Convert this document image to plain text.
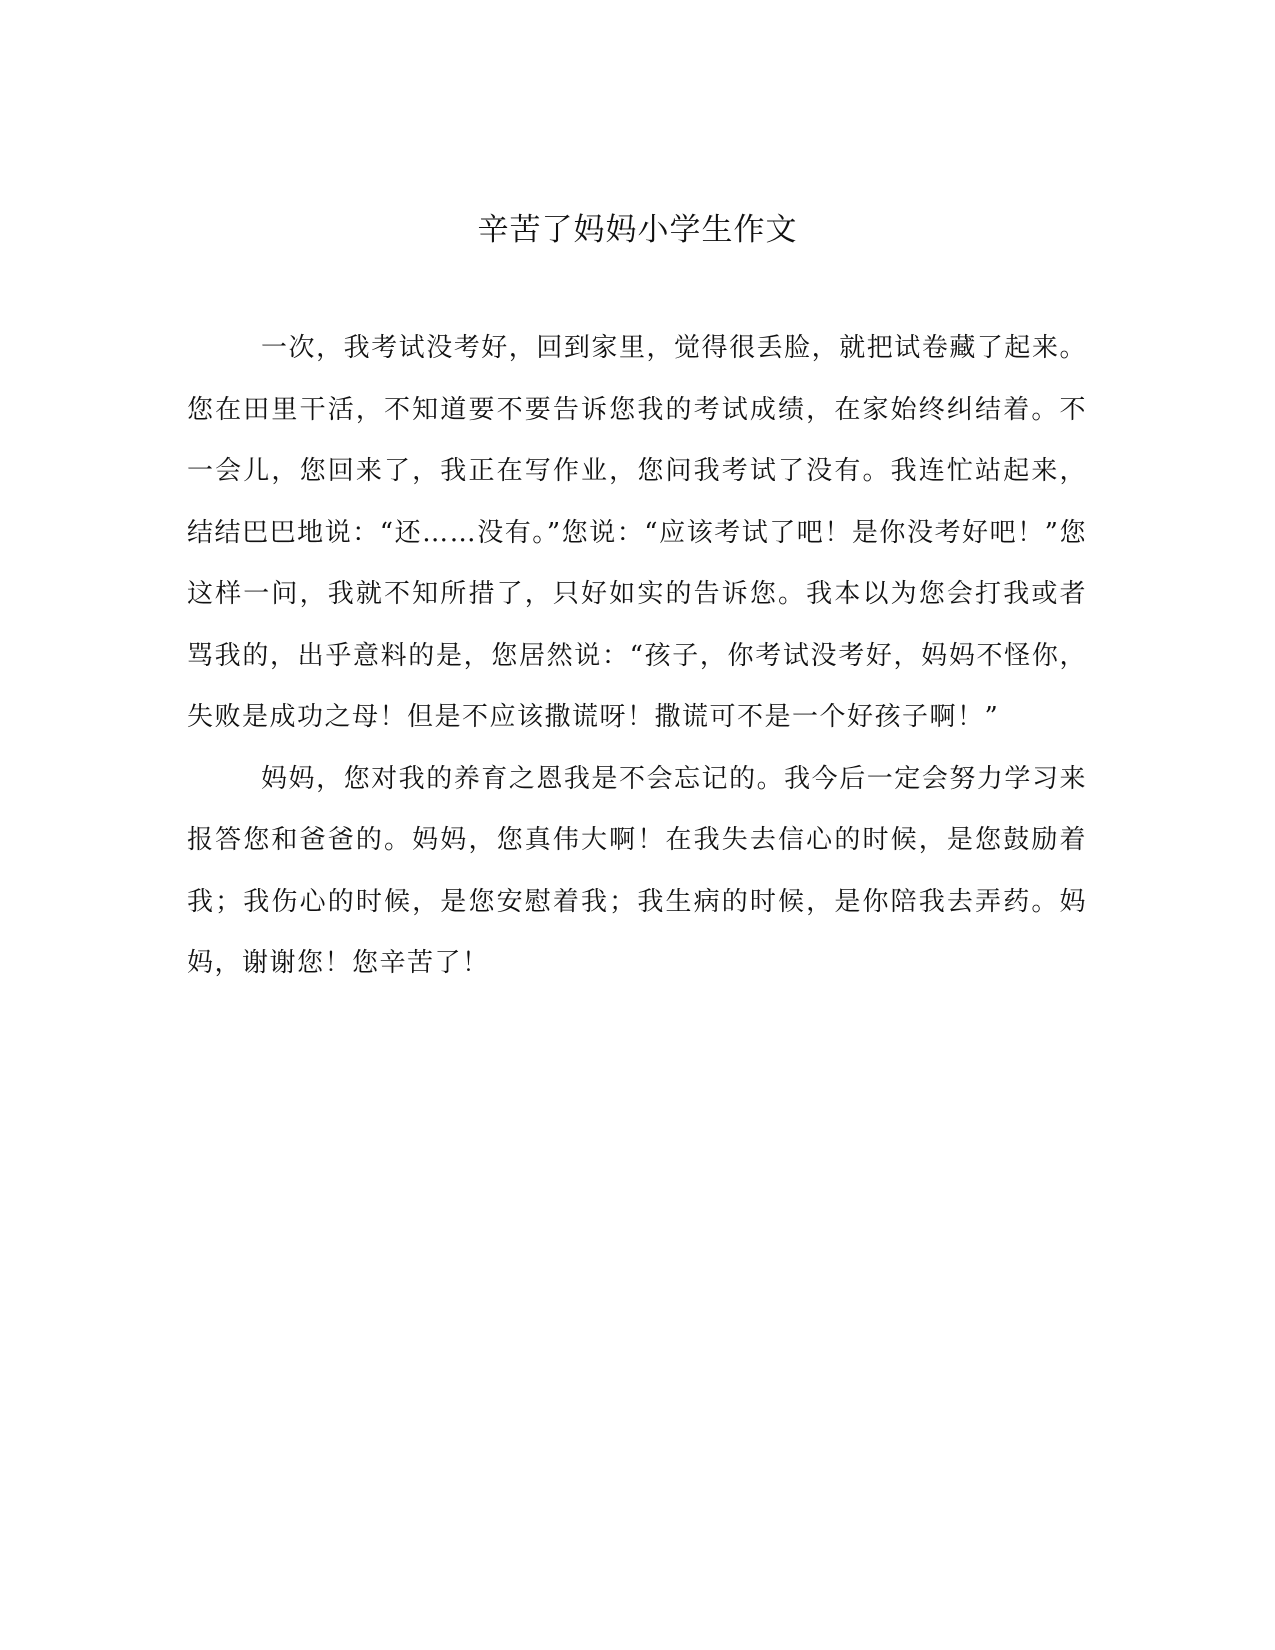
辛苦了妈妈小学生作文

一次，我考试没考好，回到家里，觉得很丢脸，就把试卷藏了起来。您在田里干活，不知道要不要告诉您我的考试成绩，在家始终纠结着。不一会儿，您回来了，我正在写作业，您问我考试了没有。我连忙站起来，结结巴巴地说：“还……没有。”您说：“应该考试了吧！是你没考好吧！”您这样一问，我就不知所措了，只好如实的告诉您。我本以为您会打我或者骂我的，出乎意料的是，您居然说：“孩子，你考试没考好，妈妈不怪你，失败是成功之母！但是不应该撒谎呀！撒谎可不是一个好孩子啊！”

妈妈，您对我的养育之恩我是不会忘记的。我今后一定会努力学习来报答您和爸爸的。妈妈，您真伟大啊！在我失去信心的时候，是您鼓励着我；我伤心的时候，是您安慰着我；我生病的时候，是你陪我去弄药。妈妈，谢谢您！您辛苦了！
